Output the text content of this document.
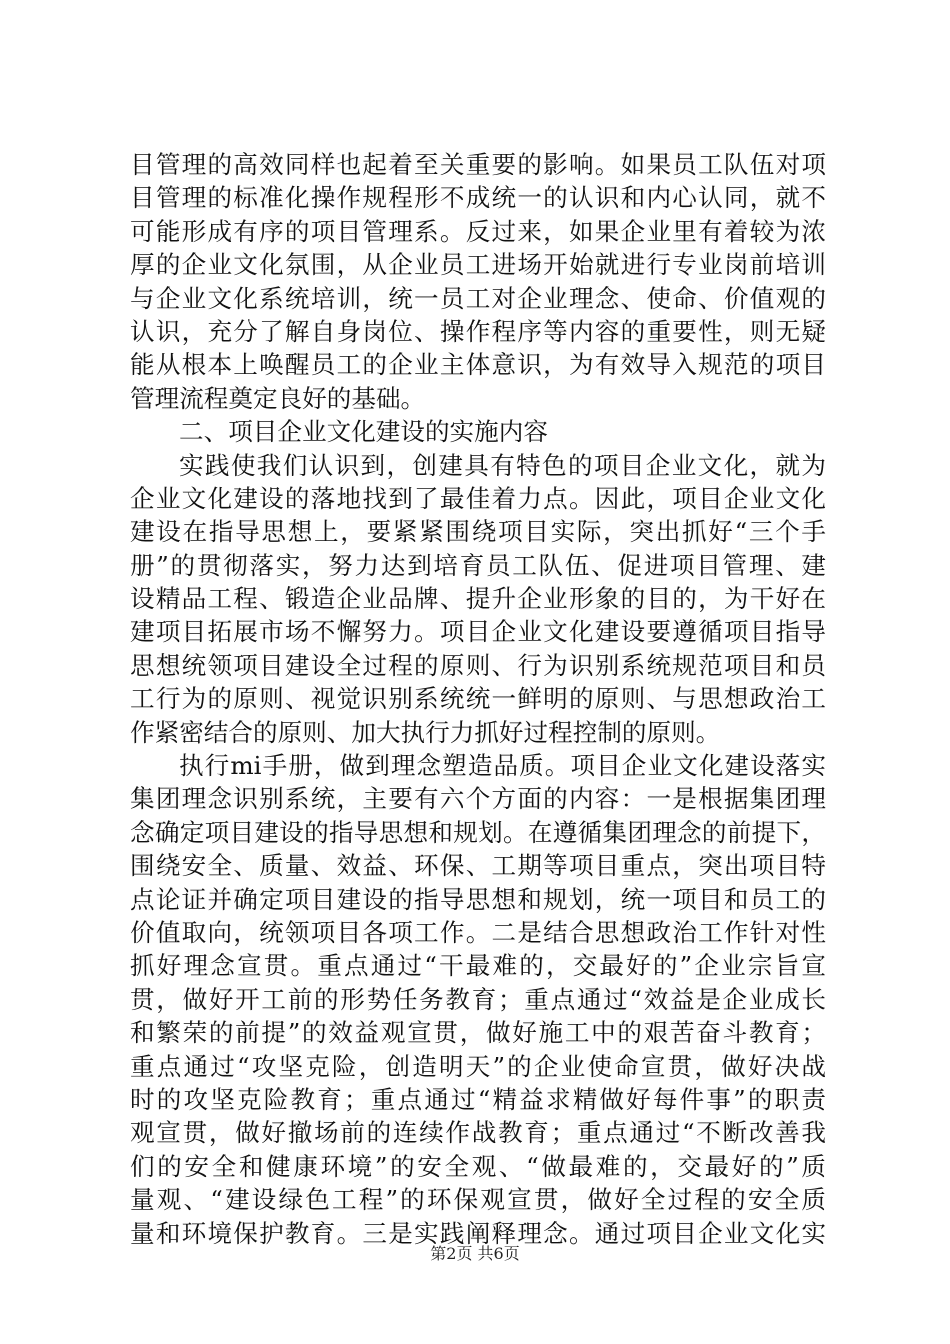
目管理的高效同样也起着至关重要的影响。如果员工队伍对项
目管理的标准化操作规程形不成统一的认识和内心认同，就不
可能形成有序的项目管理系。反过来，如果企业里有着较为浓
厚的企业文化氛围，从企业员工进场开始就进行专业岗前培训
与企业文化系统培训，统一员工对企业理念、使命、价值观的
认识，充分了解自身岗位、操作程序等内容的重要性，则无疑
能从根本上唤醒员工的企业主体意识，为有效导入规范的项目
管理流程奠定良好的基础。
二、项目企业文化建设的实施内容
实践使我们认识到，创建具有特色的项目企业文化，就为
企业文化建设的落地找到了最佳着力点。因此，项目企业文化
建设在指导思想上，要紧紧围绕项目实际，突出抓好“三个手
册”的贯彻落实，努力达到培育员工队伍、促进项目管理、建
设精品工程、锻造企业品牌、提升企业形象的目的，为干好在
建项目拓展市场不懈努力。项目企业文化建设要遵循项目指导
思想统领项目建设全过程的原则、行为识别系统规范项目和员
工行为的原则、视觉识别系统统一鲜明的原则、与思想政治工
作紧密结合的原则、加大执行力抓好过程控制的原则。
执行mi手册，做到理念塑造品质。项目企业文化建设落实
集团理念识别系统，主要有六个方面的内容：一是根据集团理
念确定项目建设的指导思想和规划。在遵循集团理念的前提下，
围绕安全、质量、效益、环保、工期等项目重点，突出项目特
点论证并确定项目建设的指导思想和规划，统一项目和员工的
价值取向，统领项目各项工作。二是结合思想政治工作针对性
抓好理念宣贯。重点通过“干最难的，交最好的”企业宗旨宣
贯，做好开工前的形势任务教育；重点通过“效益是企业成长
和繁荣的前提”的效益观宣贯，做好施工中的艰苦奋斗教育；
重点通过“攻坚克险，创造明天”的企业使命宣贯，做好决战
时的攻坚克险教育；重点通过“精益求精做好每件事”的职责
观宣贯，做好撤场前的连续作战教育；重点通过“不断改善我
们的安全和健康环境”的安全观、“做最难的，交最好的”质
量观、“建设绿色工程”的环保观宣贯，做好全过程的安全质
量和环境保护教育。三是实践阐释理念。通过项目企业文化实
第2页 共6页
